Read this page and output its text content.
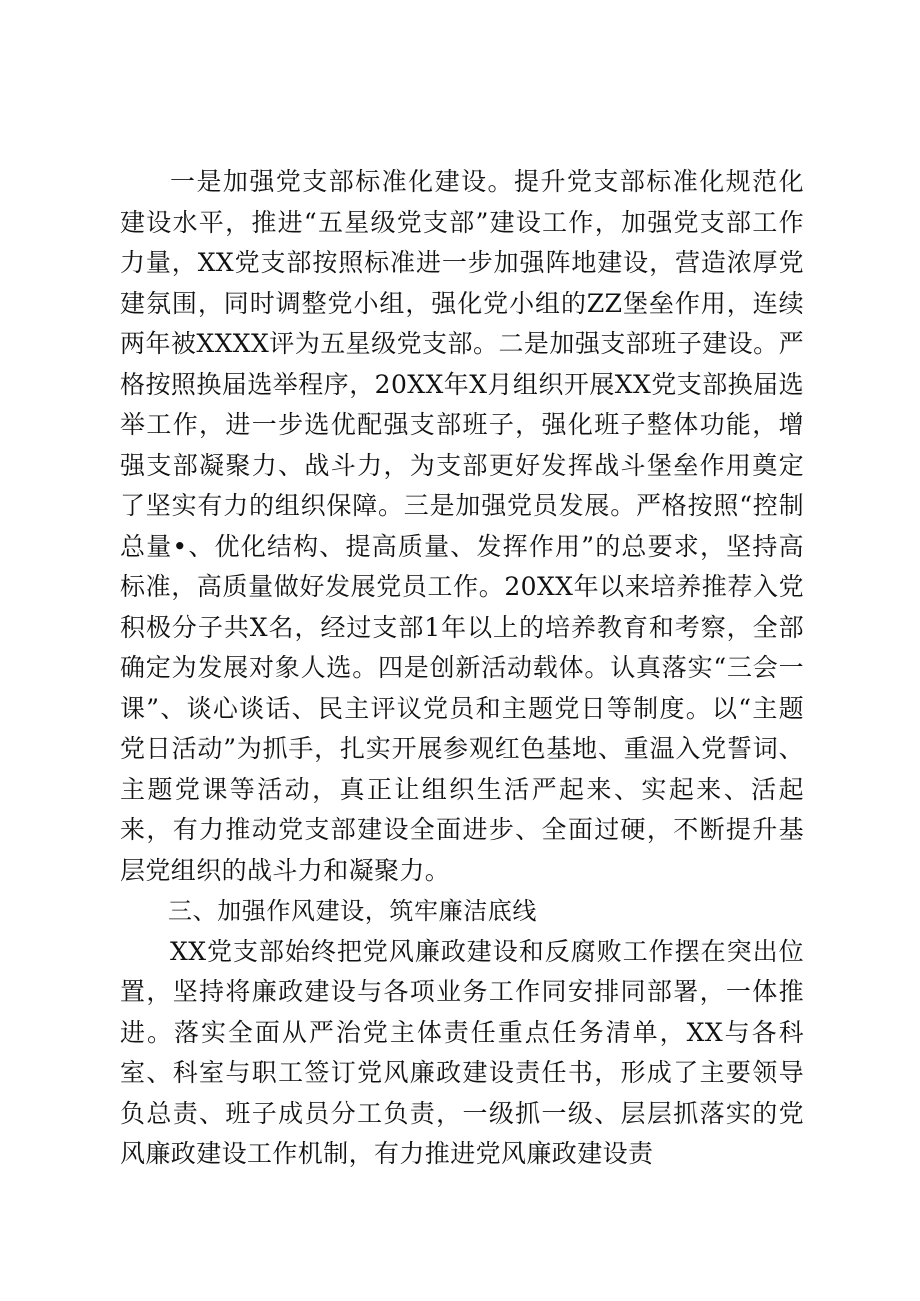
一是加强党支部标准化建设。提升党支部标准化规范化建设水平，推进“五星级党支部”建设工作，加强党支部工作力量，XX党支部按照标准进一步加强阵地建设，营造浓厚党建氛围，同时调整党小组，强化党小组的ZZ堡垒作用，连续两年被XXXX评为五星级党支部。二是加强支部班子建设。严格按照换届选举程序，20XX年X月组织开展XX党支部换届选举工作，进一步选优配强支部班子，强化班子整体功能，增强支部凝聚力、战斗力，为支部更好发挥战斗堡垒作用奠定了坚实有力的组织保障。三是加强党员发展。严格按照“控制总量•、优化结构、提高质量、发挥作用”的总要求，坚持高标准，高质量做好发展党员工作。20XX年以来培养推荐入党积极分子共X名，经过支部1年以上的培养教育和考察，全部确定为发展对象人选。四是创新活动载体。认真落实“三会一课”、谈心谈话、民主评议党员和主题党日等制度。以“主题党日活动”为抓手，扎实开展参观红色基地、重温入党誓词、主题党课等活动，真正让组织生活严起来、实起来、活起来，有力推动党支部建设全面进步、全面过硬，不断提升基层党组织的战斗力和凝聚力。

三、加强作风建设，筑牢廉洁底线

XX党支部始终把党风廉政建设和反腐败工作摆在突出位置，坚持将廉政建设与各项业务工作同安排同部署，一体推进。落实全面从严治党主体责任重点任务清单，XX与各科室、科室与职工签订党风廉政建设责任书，形成了主要领导负总责、班子成员分工负责，一级抓一级、层层抓落实的党风廉政建设工作机制，有力推进党风廉政建设责
